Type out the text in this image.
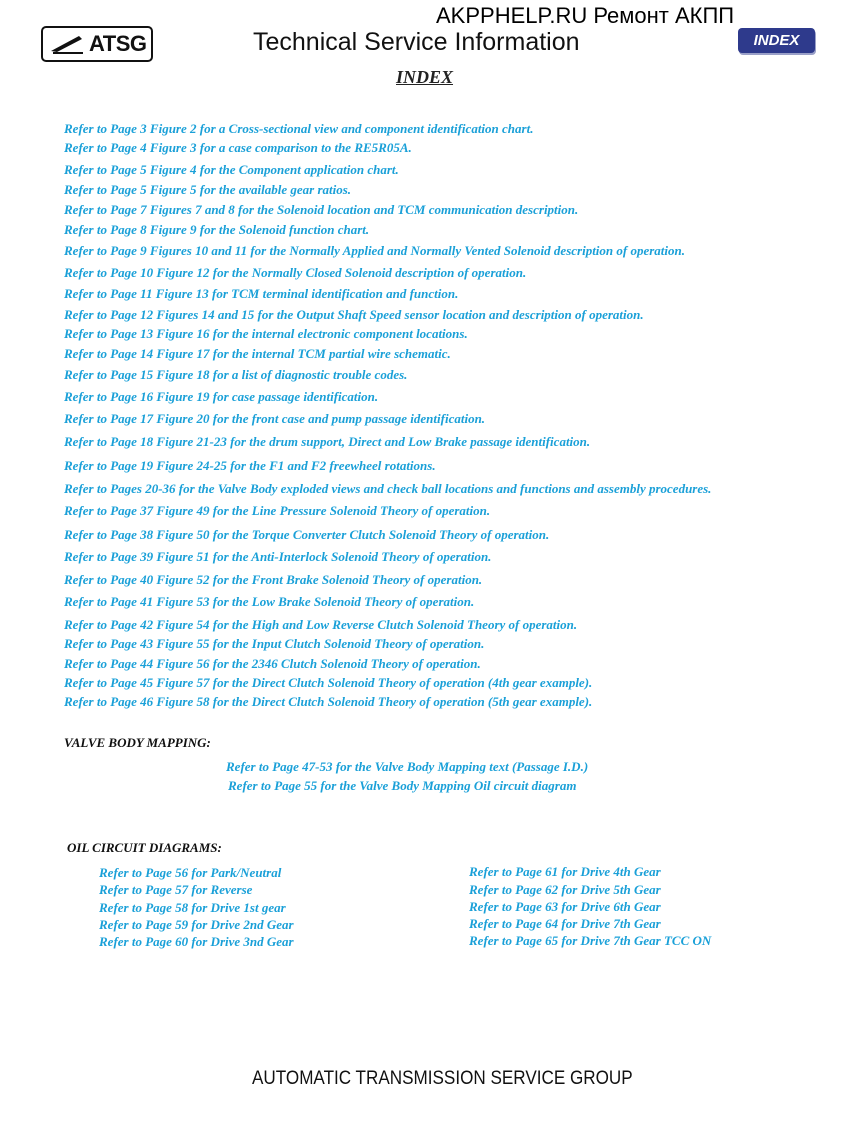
ATSG
AKPPHELP.RU Ремонт АКПП
Technical Service Information	INDEX
INDEX
Refer to Page 3 Figure 2 for a Cross-sectional view and component identification chart.
Refer to Page 4 Figure 3 for a case comparison to the RE5R05A.
Refer to Page 5 Figure 4 for the Component application chart.
Refer to Page 5 Figure 5 for the available gear ratios.
Refer to Page 7 Figures 7 and 8 for the Solenoid location and TCM communication description.
Refer to Page 8 Figure 9 for the Solenoid function chart.
Refer to Page 9 Figures 10 and 11 for the Normally Applied and Normally Vented Solenoid description of operation.
Refer to Page 10 Figure 12 for the Normally Closed Solenoid description of operation.
Refer to Page 11 Figure 13 for TCM terminal identification and function.
Refer to Page 12 Figures 14 and 15 for the Output Shaft Speed sensor location and description of operation.
Refer to Page 13 Figure 16 for the internal electronic component locations.
Refer to Page 14 Figure 17 for the internal TCM partial wire schematic.
Refer to Page 15 Figure 18 for a list of diagnostic trouble codes.
Refer to Page 16 Figure 19 for case passage identification.
Refer to Page 17 Figure 20 for the front case and pump passage identification.
Refer to Page 18 Figure 21-23 for the drum support, Direct and Low Brake passage identification.
Refer to Page 19 Figure 24-25 for the F1 and F2 freewheel rotations.
Refer to Pages 20-36 for the Valve Body exploded views and check ball locations and functions and assembly procedures.
Refer to Page 37 Figure 49 for the Line Pressure Solenoid Theory of operation.
Refer to Page 38 Figure 50 for the Torque Converter Clutch Solenoid Theory of operation.
Refer to Page 39 Figure 51 for the Anti-Interlock Solenoid Theory of operation.
Refer to Page 40 Figure 52 for the Front Brake Solenoid Theory of operation.
Refer to Page 41 Figure 53 for the Low Brake Solenoid Theory of operation.
Refer to Page 42 Figure 54 for the High and Low Reverse Clutch Solenoid Theory of operation.
Refer to Page 43 Figure 55 for the Input Clutch Solenoid Theory of operation.
Refer to Page 44 Figure 56 for the 2346 Clutch Solenoid Theory of operation.
Refer to Page 45 Figure 57 for the Direct Clutch Solenoid Theory of operation (4th gear example).
Refer to Page 46 Figure 58 for the Direct Clutch Solenoid Theory of operation (5th gear example).
VALVE BODY MAPPING:
Refer to Page 47-53 for the Valve Body Mapping text (Passage I.D.)
Refer to Page 55 for the Valve Body Mapping Oil circuit diagram
OIL CIRCUIT DIAGRAMS:
Refer to Page 56 for Park/Neutral
Refer to Page 57 for Reverse
Refer to Page 58 for Drive 1st gear
Refer to Page 59 for Drive 2nd Gear
Refer to Page 60 for Drive 3nd Gear
Refer to Page 61 for Drive 4th Gear
Refer to Page 62 for Drive 5th Gear
Refer to Page 63 for Drive 6th Gear
Refer to Page 64 for Drive 7th Gear
Refer to Page 65 for Drive 7th Gear TCC ON
AUTOMATIC TRANSMISSION SERVICE GROUP
